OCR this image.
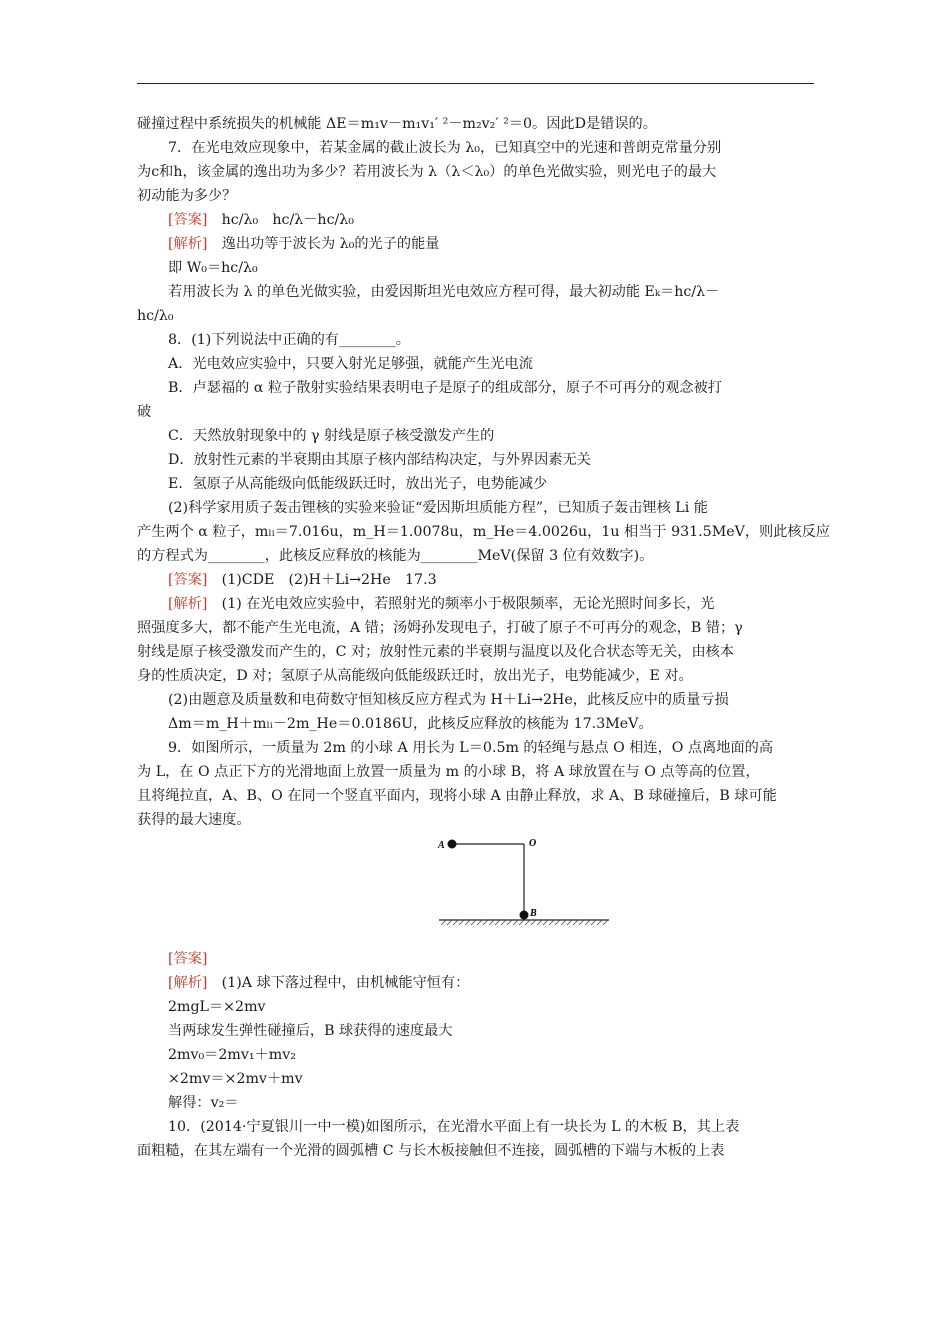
碰撞过程中系统损失的机械能 ΔE＝m₁v－m₁v₁′ ²－m₂v₂′ ²＝0。因此D是错误的。
7．在光电效应现象中，若某金属的截止波长为 λ₀，已知真空中的光速和普朗克常量分别
为c和h，该金属的逸出功为多少？若用波长为 λ（λ＜λ₀）的单色光做实验，则光电子的最大
初动能为多少？
[答案]　 hc/λ₀　hc/λ－hc/λ₀
[解析]　 逸出功等于波长为 λ₀的光子的能量
即 W₀＝hc/λ₀
若用波长为 λ 的单色光做实验，由爱因斯坦光电效应方程可得，最大初动能 Eₖ＝hc/λ－
hc/λ₀
8．(1)下列说法中正确的有________。
A．光电效应实验中，只要入射光足够强，就能产生光电流
B．卢瑟福的 α 粒子散射实验结果表明电子是原子的组成部分，原子不可再分的观念被打
破
C．天然放射现象中的 γ 射线是原子核受激发产生的
D．放射性元素的半衰期由其原子核内部结构决定，与外界因素无关
E．氢原子从高能级向低能级跃迁时，放出光子，电势能减少
(2)科学家用质子轰击锂核的实验来验证“爱因斯坦质能方程”，已知质子轰击锂核 Li 能
产生两个 α 粒子，mₗᵢ＝7.016u，m_H＝1.0078u，m_He＝4.0026u，1u 相当于 931.5MeV，则此核反应
的方程式为________，此核反应释放的核能为________MeV(保留 3 位有效数字)。
[答案]　 (1)CDE　(2)H＋Li→2He　17.3
[解析]　 (1) 在光电效应实验中，若照射光的频率小于极限频率，无论光照时间多长，光
照强度多大，都不能产生光电流，A 错；汤姆孙发现电子，打破了原子不可再分的观念，B 错；γ
射线是原子核受激发而产生的，C 对；放射性元素的半衰期与温度以及化合状态等无关，由核本
身的性质决定，D 对；氢原子从高能级向低能级跃迁时，放出光子，电势能减少，E 对。
(2)由题意及质量数和电荷数守恒知核反应方程式为 H＋Li→2He，此核反应中的质量亏损
Δm＝m_H＋mₗᵢ－2m_He＝0.0186U，此核反应释放的核能为 17.3MeV。
9．如图所示，一质量为 2m 的小球 A 用长为 L＝0.5m 的轻绳与悬点 O 相连，O 点离地面的高
为 L，在 O 点正下方的光滑地面上放置一质量为 m 的小球 B，将 A 球放置在与 O 点等高的位置，
且将绳拉直，A、B、O 在同一个竖直平面内，现将小球 A 由静止释放，求 A、B 球碰撞后，B 球可能
获得的最大速度。
A	O
B
[答案]
[解析]　 (1)A 球下落过程中，由机械能守恒有：
2mgL＝×2mv
当两球发生弹性碰撞后，B 球获得的速度最大
2mv₀＝2mv₁＋mv₂
×2mv＝×2mv＋mv
解得：v₂＝
10．(2014·宁夏银川一中一模)如图所示，在光滑水平面上有一块长为 L 的木板 B，其上表
面粗糙，在其左端有一个光滑的圆弧槽 C 与长木板接触但不连接，圆弧槽的下端与木板的上表
